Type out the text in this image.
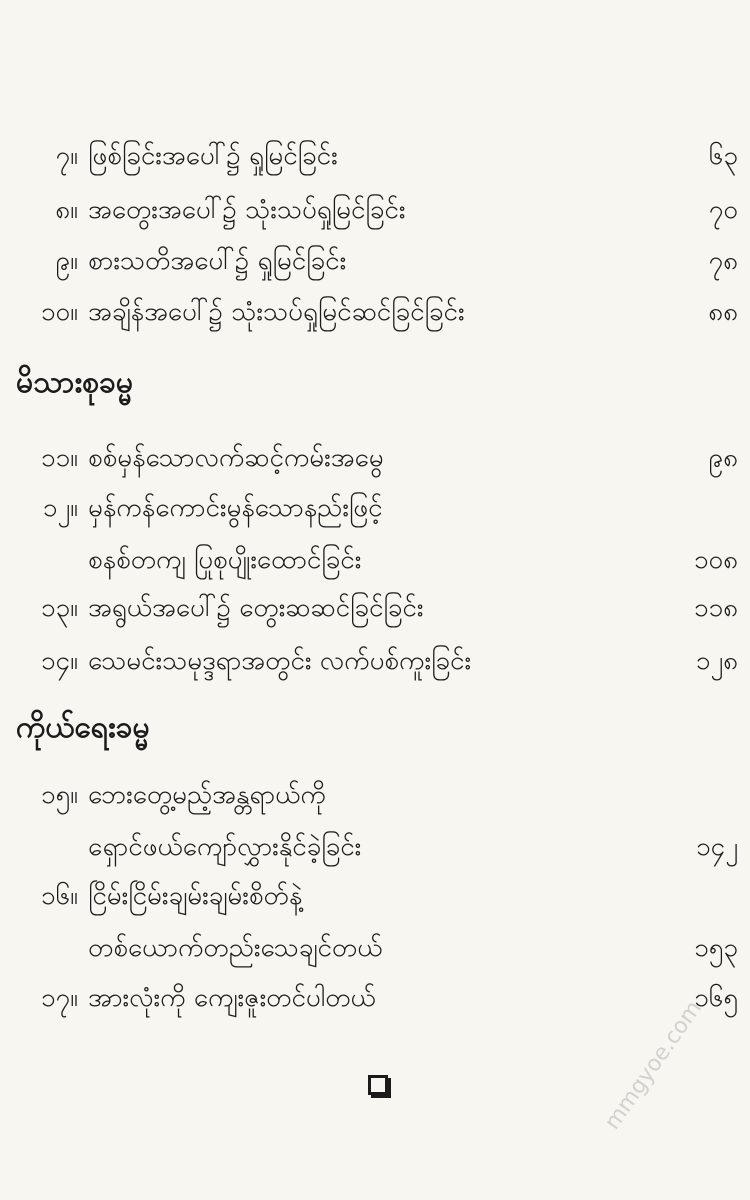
၇။ ဖြစ်ခြင်းအပေါ်၌ ရှုမြင်ခြင်း	၆၃
၈။ အတွေးအပေါ်၌ သုံးသပ်ရှုမြင်ခြင်း	၇၀
၉။ စားသတိအပေါ်၌ ရှုမြင်ခြင်း	၇၈
၁၀။ အချိန်အပေါ်၌ သုံးသပ်ရှုမြင်ဆင်ခြင်ခြင်း	၈၈
မိသားစုခမ္မ
၁၁။ စစ်မှန်သောလက်ဆင့်ကမ်းအမွေ	၉၈
၁၂။ မှန်ကန်ကောင်းမွန်သောနည်းဖြင့်
စနစ်တကျ ပြုစုပျိုးထောင်ခြင်း	၁၀၈
၁၃။ အရွယ်အပေါ်၌ တွေးဆဆင်ခြင်ခြင်း	၁၁၈
၁၄။ သေမင်းသမုဒ္ဒရာအတွင်း လက်ပစ်ကူးခြင်း	၁၂၈
ကိုယ်ရေးခမ္မ
၁၅။ ဘေးတွေ့မည့်အန္တရာယ်ကို
ရှောင်ဖယ်ကျော်လွှားနိုင်ခဲ့ခြင်း	၁၄၂
၁၆။ ငြိမ်းငြိမ်းချမ်းချမ်းစိတ်နဲ့
တစ်ယောက်တည်းသေချင်တယ်	၁၅၃
၁၇။ အားလုံးကို ကျေးဇူးတင်ပါတယ်	၁၆၅
mmgyoe.com
